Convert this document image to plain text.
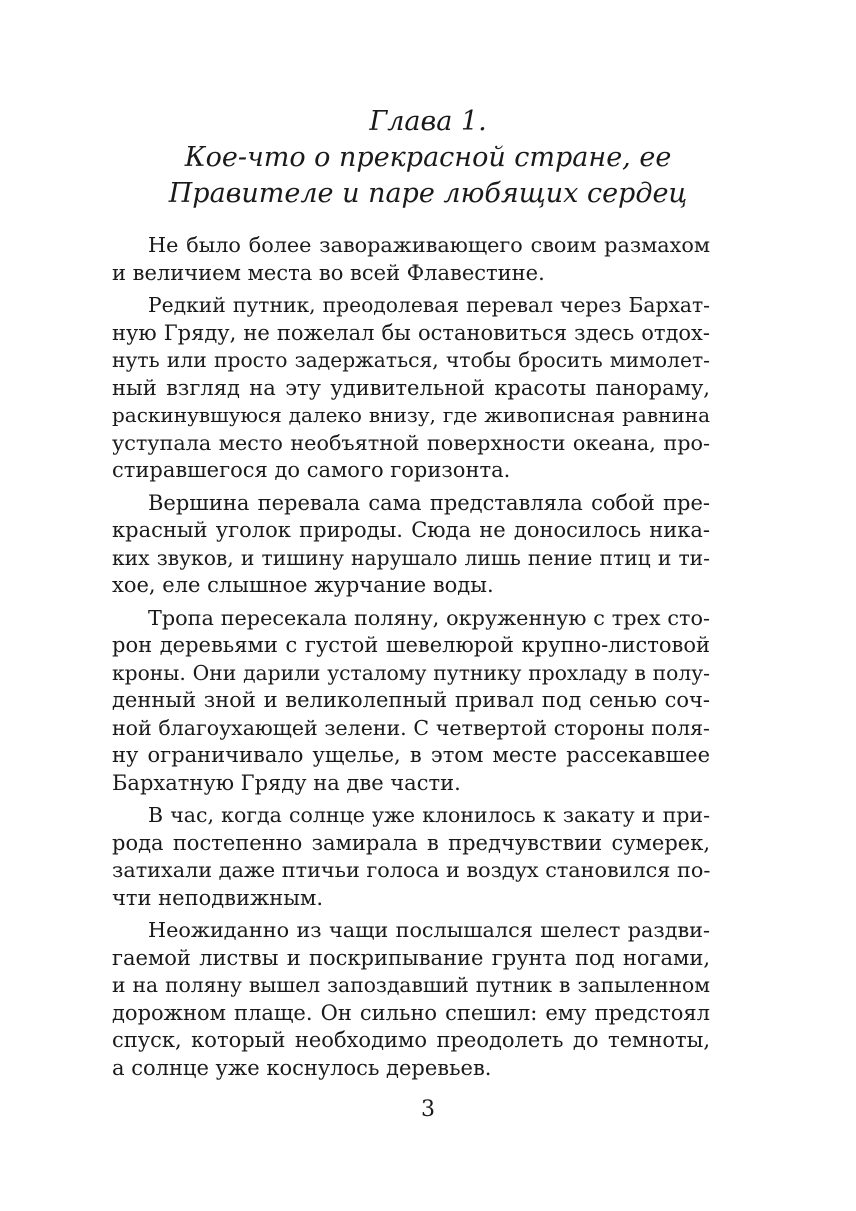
Глава 1.
Кое-что о прекрасной стране, ее
Правителе и паре любящих сердец
Не было более завораживающего своим размахом
и величием места во всей Флавестине.
Редкий путник, преодолевая перевал через Бархат-
ную Гряду, не пожелал бы остановиться здесь отдох-
нуть или просто задержаться, чтобы бросить мимолет-
ный взгляд на эту удивительной красоты панораму,
раскинувшуюся далеко внизу, где живописная равнина
уступала место необъятной поверхности океана, про-
стиравшегося до самого горизонта.
Вершина перевала сама представляла собой пре-
красный уголок природы. Сюда не доносилось ника-
ких звуков, и тишину нарушало лишь пение птиц и ти-
хое, еле слышное журчание воды.
Тропа пересекала поляну, окруженную с трех сто-
рон деревьями с густой шевелюрой крупно-листовой
кроны. Они дарили усталому путнику прохладу в полу-
денный зной и великолепный привал под сенью соч-
ной благоухающей зелени. С четвертой стороны поля-
ну ограничивало ущелье, в этом месте рассекавшее
Бархатную Гряду на две части.
В час, когда солнце уже клонилось к закату и при-
рода постепенно замирала в предчувствии сумерек,
затихали даже птичьи голоса и воздух становился по-
чти неподвижным.
Неожиданно из чащи послышался шелест раздви-
гаемой листвы и поскрипывание грунта под ногами,
и на поляну вышел запоздавший путник в запыленном
дорожном плаще. Он сильно спешил: ему предстоял
спуск, который необходимо преодолеть до темноты,
а солнце уже коснулось деревьев.
3
